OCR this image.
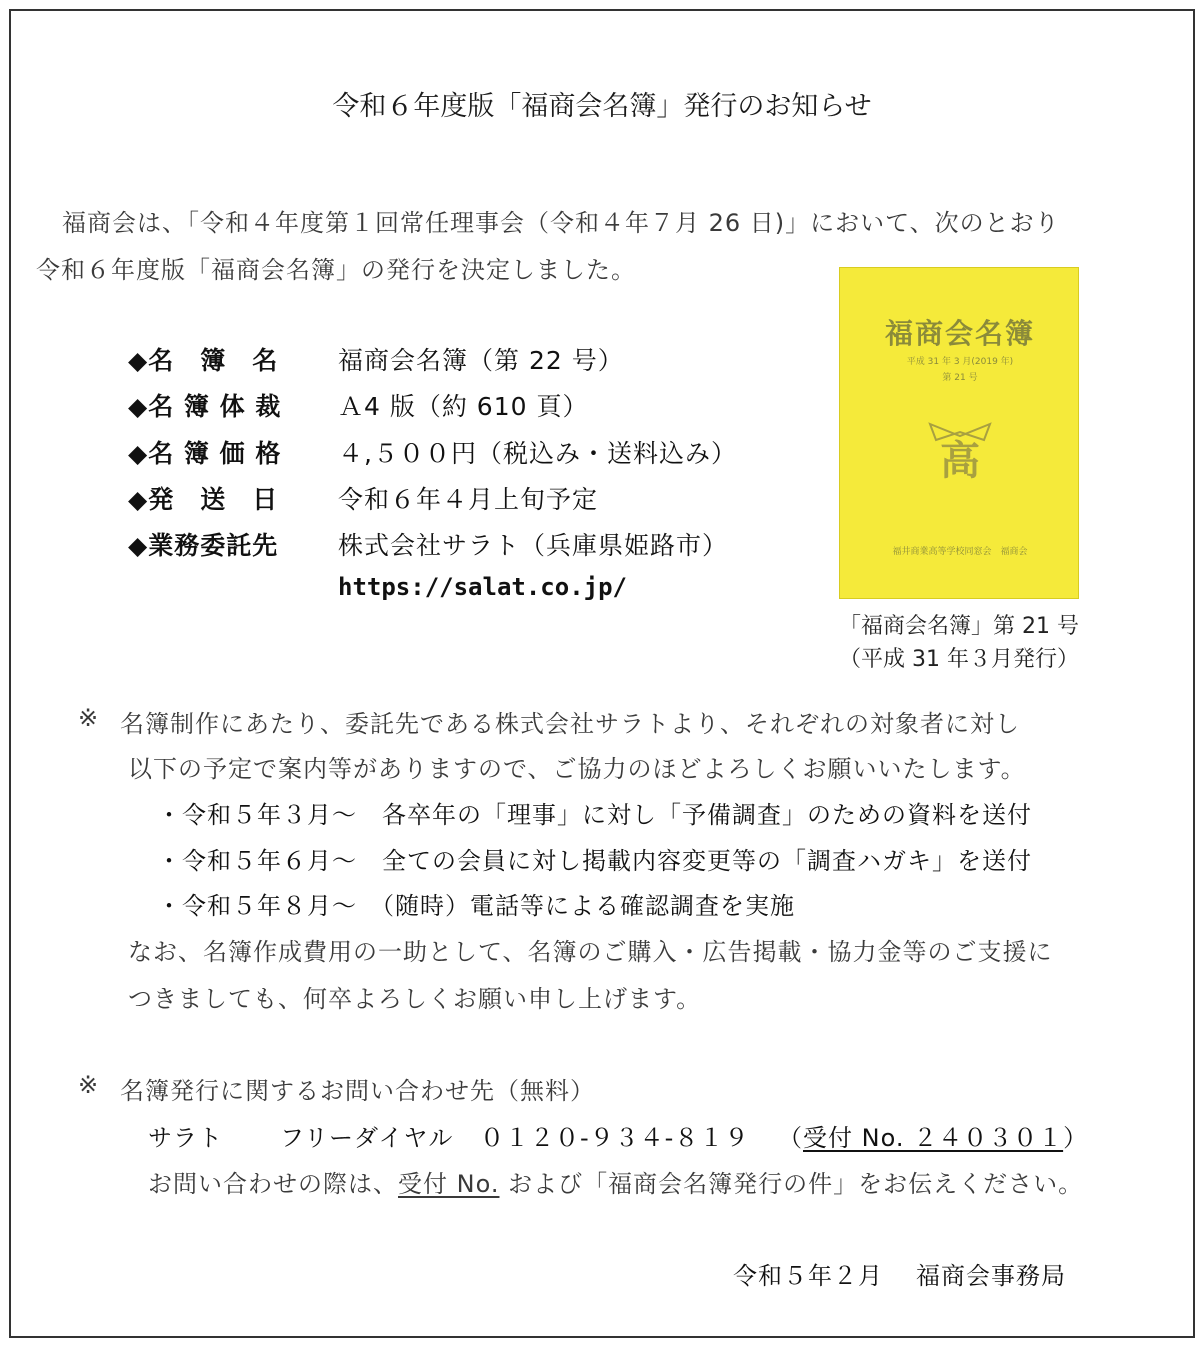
令和６年度版「福商会名簿」発行のお知らせ
福商会は、「令和４年度第１回常任理事会（令和４年７月 26 日)」において、次のとおり
令和６年度版「福商会名簿」の発行を決定しました。
◆名　簿　名 福商会名簿（第 22 号）
◆名 簿 体 裁 Ａ4 版（約 610 頁）
◆名 簿 価 格 ４,５００円（税込み・送料込み）
◆発　送　日 令和６年４月上旬予定
◆業務委託先 株式会社サラト（兵庫県姫路市）
https://salat.co.jp/
福商会名簿
平成 31 年 3 月(2019 年)
第 21 号
高
福井商業高等学校同窓会　福商会
「福商会名簿」第 21 号
（平成 31 年３月発行）
※ 名簿制作にあたり、委託先である株式会社サラトより、それぞれの対象者に対し
以下の予定で案内等がありますので、ご協力のほどよろしくお願いいたします。
・令和５年３月～　各卒年の「理事」に対し「予備調査」のための資料を送付
・令和５年６月～　全ての会員に対し掲載内容変更等の「調査ハガキ」を送付
・令和５年８月～　（随時）電話等による確認調査を実施
なお、名簿作成費用の一助として、名簿のご購入・広告掲載・協力金等のご支援に
つきましても、何卒よろしくお願い申し上げます。
※ 名簿発行に関するお問い合わせ先（無料）
サラト フリーダイヤル ０１２０-９３４-８１９ （受付 No. ２４０３０１）
お問い合わせの際は、受付 No. および「福商会名簿発行の件」をお伝えください。
令和５年２月 福商会事務局
